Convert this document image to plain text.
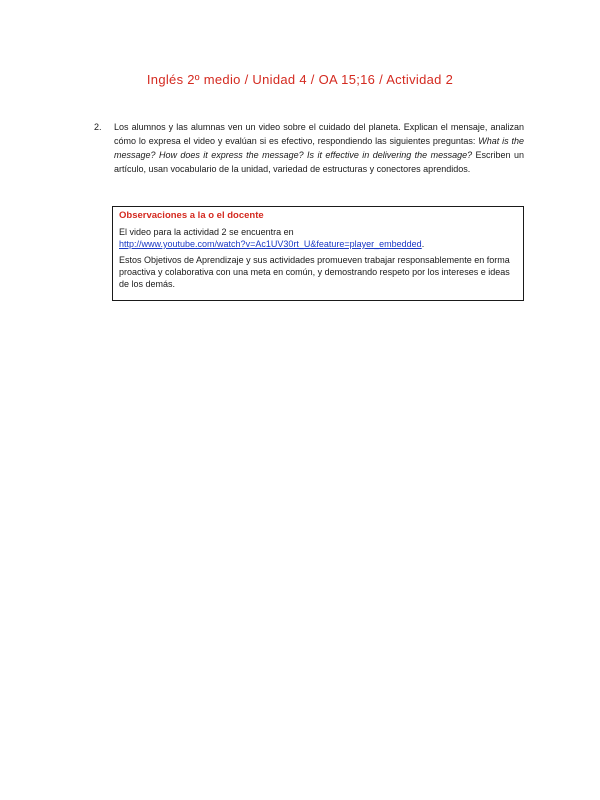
Inglés 2º medio / Unidad 4 / OA 15;16 / Actividad 2
2.	Los alumnos y las alumnas ven un video sobre el cuidado del planeta. Explican el mensaje, analizan cómo lo expresa el video y evalúan si es efectivo, respondiendo las siguientes preguntas: What is the message? How does it express the message? Is it effective in delivering the message? Escriben un artículo, usan vocabulario de la unidad, variedad de estructuras y conectores aprendidos.
Observaciones a la o el docente

El video para la actividad 2 se encuentra en
http://www.youtube.com/watch?v=Ac1UV30rt_U&feature=player_embedded.

Estos Objetivos de Aprendizaje y sus actividades promueven trabajar responsablemente en forma proactiva y colaborativa con una meta en común, y demostrando respeto por los intereses e ideas de los demás.
